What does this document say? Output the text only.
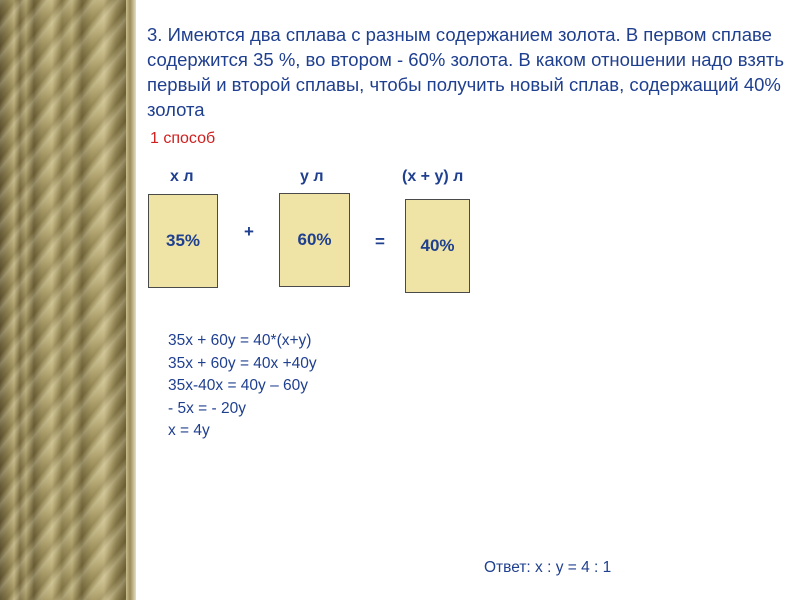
3. Имеются два сплава с разным содержанием золота. В первом сплаве содержится 35 %, во втором - 60% золота. В каком отношении надо взять первый и второй сплавы, чтобы получить новый сплав, содержащий 40% золота
1 способ
x л	y л	(x + y) л
35%	+	60%	= 40%
35x + 60y = 40*(x+y)
35x + 60y = 40x +40y
35x-40x = 40y – 60y
- 5x = - 20y
x = 4y
Ответ: x : y = 4 : 1
